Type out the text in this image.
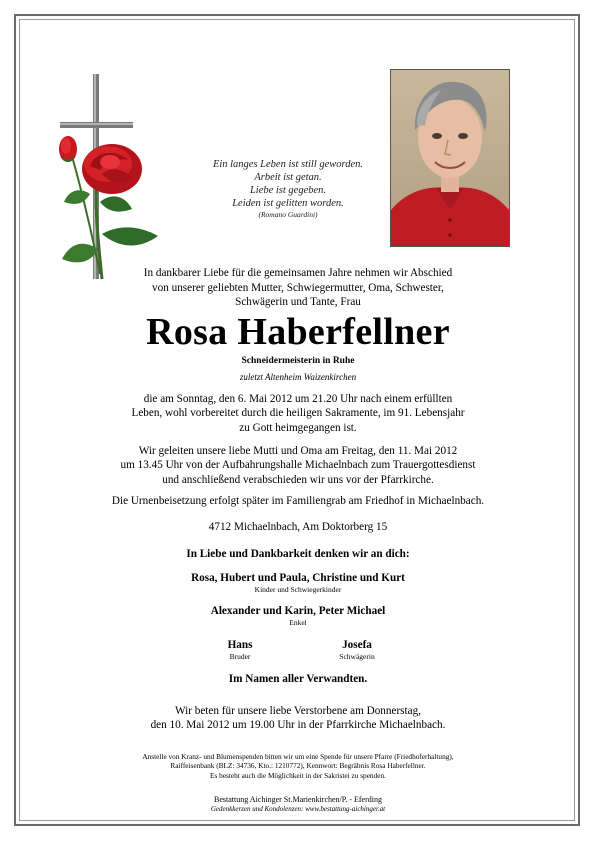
Ein langes Leben ist still geworden.
Arbeit ist getan.
Liebe ist gegeben.
Leiden ist gelitten worden.
(Romano Guardini)
In dankbarer Liebe für die gemeinsamen Jahre nehmen wir Abschied
von unserer geliebten Mutter, Schwiegermutter, Oma, Schwester,
Schwägerin und Tante, Frau
Rosa Haberfellner
Schneidermeisterin in Ruhe
zuletzt Altenheim Waizenkirchen
die am Sonntag, den 6. Mai 2012 um 21.20 Uhr nach einem erfüllten
Leben, wohl vorbereitet durch die heiligen Sakramente, im 91. Lebensjahr
zu Gott heimgegangen ist.
Wir geleiten unsere liebe Mutti und Oma am Freitag, den 11. Mai 2012
um 13.45 Uhr von der Aufbahrungshalle Michaelnbach zum Trauergottesdienst
und anschließend verabschieden wir uns vor der Pfarrkirche.
Die Urnenbeisetzung erfolgt später im Familiengrab am Friedhof in Michaelnbach.
4712 Michaelnbach, Am Doktorberg 15
In Liebe und Dankbarkeit denken wir an dich:
Rosa, Hubert und Paula, Christine und Kurt
Kinder und Schwiegerkinder
Alexander und Karin, Peter Michael
Enkel
Hans
Bruder
Josefa
Schwägerin
Im Namen aller Verwandten.
Wir beten für unsere liebe Verstorbene am Donnerstag,
den 10. Mai 2012 um 19.00 Uhr in der Pfarrkirche Michaelnbach.
Anstelle von Kranz- und Blumenspenden bitten wir um eine Spende für unsere Pfarre (Friedhoferhaltung),
Raiffeisenbank (BLZ: 34736, Kto.: 1210772), Kennwort: Begräbnis Rosa Haberfellner.
Es besteht auch die Möglichkeit in der Sakristei zu spenden.
Bestattung Aichinger St.Marienkirchen/P. - Eferding
Gedenkkerzen und Kondolenzen: www.bestattung-aichinger.at
